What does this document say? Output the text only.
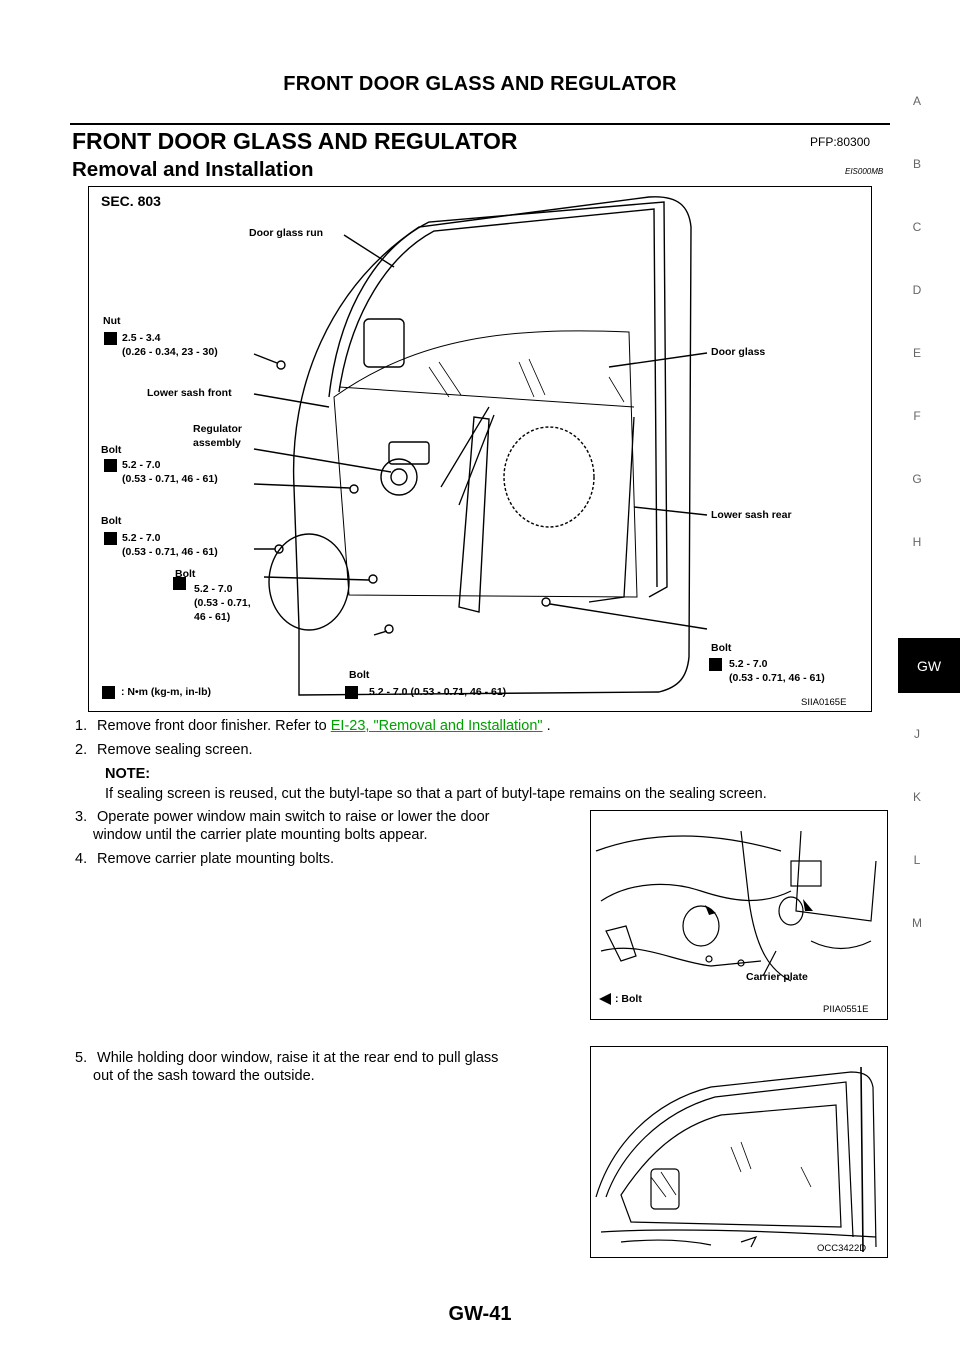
FRONT DOOR GLASS AND REGULATOR
FRONT DOOR GLASS AND REGULATOR	PFP:80300
Removal and Installation	EIS000MB
A
B
C
D
E
F
G
H
GW
J
K
L
M
SEC. 803
Door glass run
Nut
2.5 - 3.4
(0.26 - 0.34, 23 - 30)
Lower sash front
Regulator
assembly
Bolt
5.2 - 7.0
(0.53 - 0.71, 46 - 61)
Bolt
5.2 - 7.0
(0.53 - 0.71, 46 - 61)
Bolt
5.2 - 7.0
(0.53 - 0.71,
46 - 61)
Bolt
5.2 - 7.0 (0.53 - 0.71, 46 - 61)
Door glass
Lower sash rear
Bolt
5.2 - 7.0
(0.53 - 0.71, 46 - 61)
: N•m (kg-m, in-lb)
SIIA0165E
1. Remove front door finisher. Refer to EI-23, "Removal and Installation" .
2. Remove sealing screen.
NOTE:
If sealing screen is reused, cut the butyl-tape so that a part of butyl-tape remains on the sealing screen.
3. Operate power window main switch to raise or lower the door
window until the carrier plate mounting bolts appear.
4. Remove carrier plate mounting bolts.
Carrier plate
: Bolt
PIIA0551E
5. While holding door window, raise it at the rear end to pull glass
out of the sash toward the outside.
OCC3422D
GW-41
